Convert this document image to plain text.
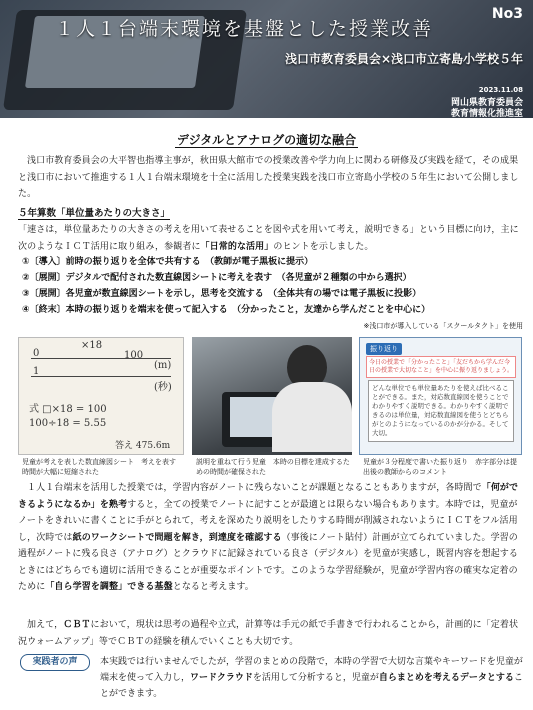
１人１台端末環境を基盤とした授業改善
No3
浅口市教育委員会×浅口市立寄島小学校５年
2023.11.08
岡山県教育委員会
教育情報化推進室
デジタルとアナログの適切な融合

浅口市教育委員会の大平智也指導主事が，秋田県大館市での授業改善や学力向上に関わる研修及び実践を経て，その成果と浅口市において推進する１人１台端末環境を十全に活用した授業実践を浅口市立寄島小学校の５年生において公開しました。

５年算数「単位量あたりの大きさ」

「速さは，単位量あたりの大きさの考えを用いて表せることを図や式を用いて考え，説明できる」という目標に向け，主に次のようなＩＣＴ活用に取り組み，参観者に「日常的な活用」のヒントを示しました。

①〔導入〕前時の振り返りを全体で共有する　（教師が電子黒板に提示）
②〔展開〕デジタルで配付された数直線図シートに考えを表す　（各児童が２種類の中から選択）
③〔展開〕各児童が数直線図シートを示し，思考を交流する　（全体共有の場では電子黒板に投影）
④〔終末〕本時の振り返りを端末を使って記入する　（分かったこと，友達から学んだことを中心に）
※浅口市が導入している「スクールタクト」を使用
×18
100
0
1
(秒)
(m)
式 □×18 = 100
100÷18 = 5.55
答え 475.6m
振り返り
今日の授業で「分かったこと」「友だちから学んだ今日の授業で大切なこと」を中心に振り返りましょう。
どんな単位でも単位量あたりを使えば比べることができる。また，対応数直線図を使うことでわかりやすく説明できる。わかりやすく説明できるのは単位量，対応数直線図を使うとどちらがとのようになっているのかが分かる。そして大切。
児童が考えを表した数直線図シート　考えを表す時間が大幅に短縮された
説明を重ねて行う児童　本時の目標を達成するための時間が確保された
児童が３分程度で書いた振り返り　赤字部分は提出後の教師からのコメント

１人１台端末を活用した授業では，学習内容がノートに残らないことが課題となることもありますが，各時間で「何ができるようになるか」を熟考すると，全ての授業でノートに記すことが最適とは限らない場合もあります。本時では，児童がノートをきれいに書くことに手がとられて，考えを深めたり説明をしたりする時間が削減されないようにＩＣＴをフル活用し，次時では紙のワークシートで問題を解き，到達度を確認する（事後にノート貼付）計画が立てられていました。学習の過程がノートに残る良さ（アナログ）とクラウドに記録されている良さ（デジタル）を児童が実感し，既習内容を想起するときにはどちらでも適切に活用できることが重要なポイントです。このような学習経験が，児童が学習内容の確実な定着のために「自ら学習を調整」できる基盤となると考えます。

加えて，ＣＢＴにおいて，現状は思考の過程や立式，計算等は手元の紙で手書きで行われることから，計画的に「定着状況ウォームアップ」等でＣＢＴの経験を積んでいくことも大切です。

実践者の声	本実践では行いませんでしたが，学習のまとめの段階で，本時の学習で大切な言葉やキーワードを児童が端末を使って入力し，ワードクラウドを活用して分析すると，児童が自らまとめを考えるデータとすることができます。
